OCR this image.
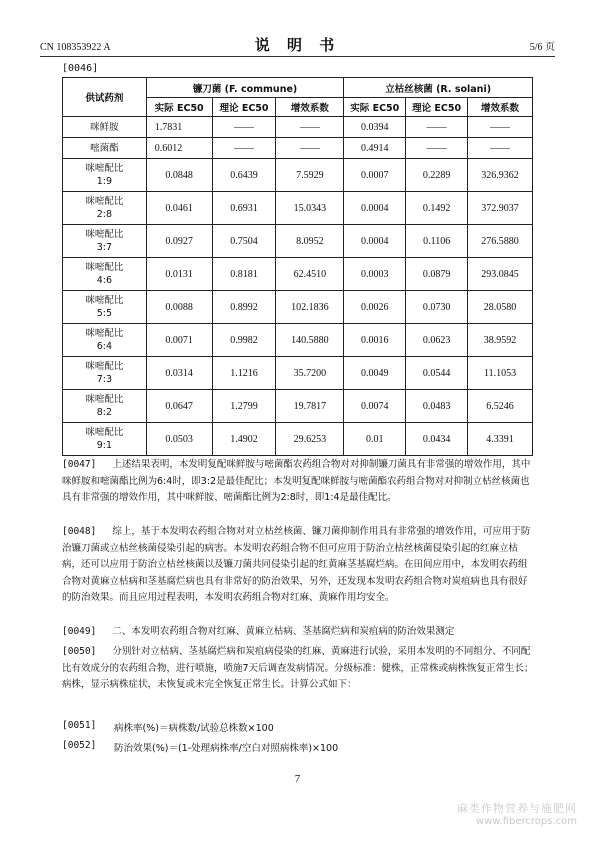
CN 108353922 A	说 明 书	5/6 页
[0046]
供试药剂	镰刀菌 (F. commune)			立枯丝核菌 (R. solani)		
	实际 EC50	理论 EC50	增效系数	实际 EC50	理论 EC50	增效系数
咪鲜胺	1.7831	——	——	0.0394	——	——
嘧菌酯	0.6012	——	——	0.4914	——	——
咪嘧配比
1:9	0.0848	0.6439	7.5929	0.0007	0.2289	326.9362
咪嘧配比
2:8	0.0461	0.6931	15.0343	0.0004	0.1492	372.9037
咪嘧配比
3:7	0.0927	0.7504	8.0952	0.0004	0.1106	276.5880
咪嘧配比
4:6	0.0131	0.8181	62.4510	0.0003	0.0879	293.0845
咪嘧配比
5:5	0.0088	0.8992	102.1836	0.0026	0.0730	28.0580
咪嘧配比
6:4	0.0071	0.9982	140.5880	0.0016	0.0623	38.9592
咪嘧配比
7:3	0.0314	1.1216	35.7200	0.0049	0.0544	11.1053
咪嘧配比
8:2	0.0647	1.2799	19.7817	0.0074	0.0483	6.5246
咪嘧配比
9:1	0.0503	1.4902	29.6253	0.01	0.0434	4.3391
[0047] 上述结果表明，本发明复配咪鲜胺与嘧菌酯农药组合物对对抑制镰刀菌具有非常强的增效作用，其中咪鲜胺和嘧菌酯比例为6:4时，即3:2是最佳配比；本发明复配咪鲜胺与嘧菌酯农药组合物对对抑制立枯丝核菌也具有非常强的增效作用，其中咪鲜胺、嘧菌酯比例为2:8时，即1:4是最佳配比。
[0048] 综上，基于本发明农药组合物对对立枯丝核菌、镰刀菌抑制作用具有非常强的增效作用，可应用于防治镰刀菌或立枯丝核菌侵染引起的病害。本发明农药组合物不但可应用于防治立枯丝核菌侵染引起的红麻立枯病，还可以应用于防治立枯丝核菌以及镰刀菌共同侵染引起的红黄麻茎基腐烂病。在田间应用中，本发明农药组合物对黄麻立枯病和茎基腐烂病也具有非常好的防治效果，另外，还发现本发明农药组合物对炭疽病也具有很好的防治效果。而且应用过程表明，本发明农药组合物对红麻、黄麻作用均安全。
[0049] 二、本发明农药组合物对红麻、黄麻立枯病、茎基腐烂病和炭疽病的防治效果测定
[0050] 分别针对立枯病、茎基腐烂病和炭疽病侵染的红麻、黄麻进行试验，采用本发明的不同组分、不同配比有效成分的农药组合物，进行喷施，喷施7天后调查发病情况。分级标准：健株，正常株或病株恢复正常生长；病株，显示病株症状，未恢复或未完全恢复正常生长。计算公式如下：
[0051] 病株率(%)＝病株数/试验总株数×100
[0052] 防治效果(%)＝(1-处理病株率/空白对照病株率)×100
7
麻类作物营养与施肥网
www.fibercrops.com
